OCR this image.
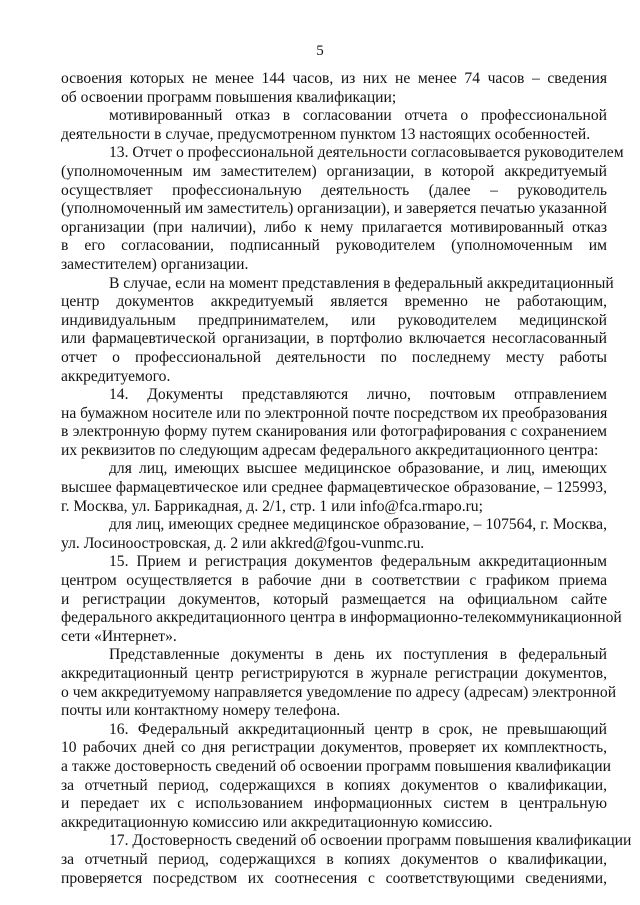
5

освоения которых не менее 144 часов, из них не менее 74 часов – сведения
об освоении программ повышения квалификации;

мотивированный отказ в согласовании отчета о профессиональной
деятельности в случае, предусмотренном пунктом 13 настоящих особенностей.

13. Отчет о профессиональной деятельности согласовывается руководителем
(уполномоченным им заместителем) организации, в которой аккредитуемый
осуществляет профессиональную деятельность (далее – руководитель
(уполномоченный им заместитель) организации), и заверяется печатью указанной
организации (при наличии), либо к нему прилагается мотивированный отказ
в его согласовании, подписанный руководителем (уполномоченным им
заместителем) организации.

В случае, если на момент представления в федеральный аккредитационный
центр документов аккредитуемый является временно не работающим,
индивидуальным предпринимателем, или руководителем медицинской
или фармацевтической организации, в портфолио включается несогласованный
отчет о профессиональной деятельности по последнему месту работы
аккредитуемого.

14. Документы представляются лично, почтовым отправлением
на бумажном носителе или по электронной почте посредством их преобразования
в электронную форму путем сканирования или фотографирования с сохранением
их реквизитов по следующим адресам федерального аккредитационного центра:

для лиц, имеющих высшее медицинское образование, и лиц, имеющих
высшее фармацевтическое или среднее фармацевтическое образование, – 125993,
г. Москва, ул. Баррикадная, д. 2/1, стр. 1 или info@fca.rmapo.ru;

для лиц, имеющих среднее медицинское образование, – 107564, г. Москва,
ул. Лосиноостровская, д. 2 или akkred@fgou-vunmc.ru.

15. Прием и регистрация документов федеральным аккредитационным
центром осуществляется в рабочие дни в соответствии с графиком приема
и регистрации документов, который размещается на официальном сайте
федерального аккредитационного центра в информационно-телекоммуникационной
сети «Интернет».

Представленные документы в день их поступления в федеральный
аккредитационный центр регистрируются в журнале регистрации документов,
о чем аккредитуемому направляется уведомление по адресу (адресам) электронной
почты или контактному номеру телефона.

16. Федеральный аккредитационный центр в срок, не превышающий
10 рабочих дней со дня регистрации документов, проверяет их комплектность,
а также достоверность сведений об освоении программ повышения квалификации
за отчетный период, содержащихся в копиях документов о квалификации,
и передает их с использованием информационных систем в центральную
аккредитационную комиссию или аккредитационную комиссию.

17. Достоверность сведений об освоении программ повышения квалификации
за отчетный период, содержащихся в копиях документов о квалификации,
проверяется посредством их соотнесения с соответствующими сведениями,
